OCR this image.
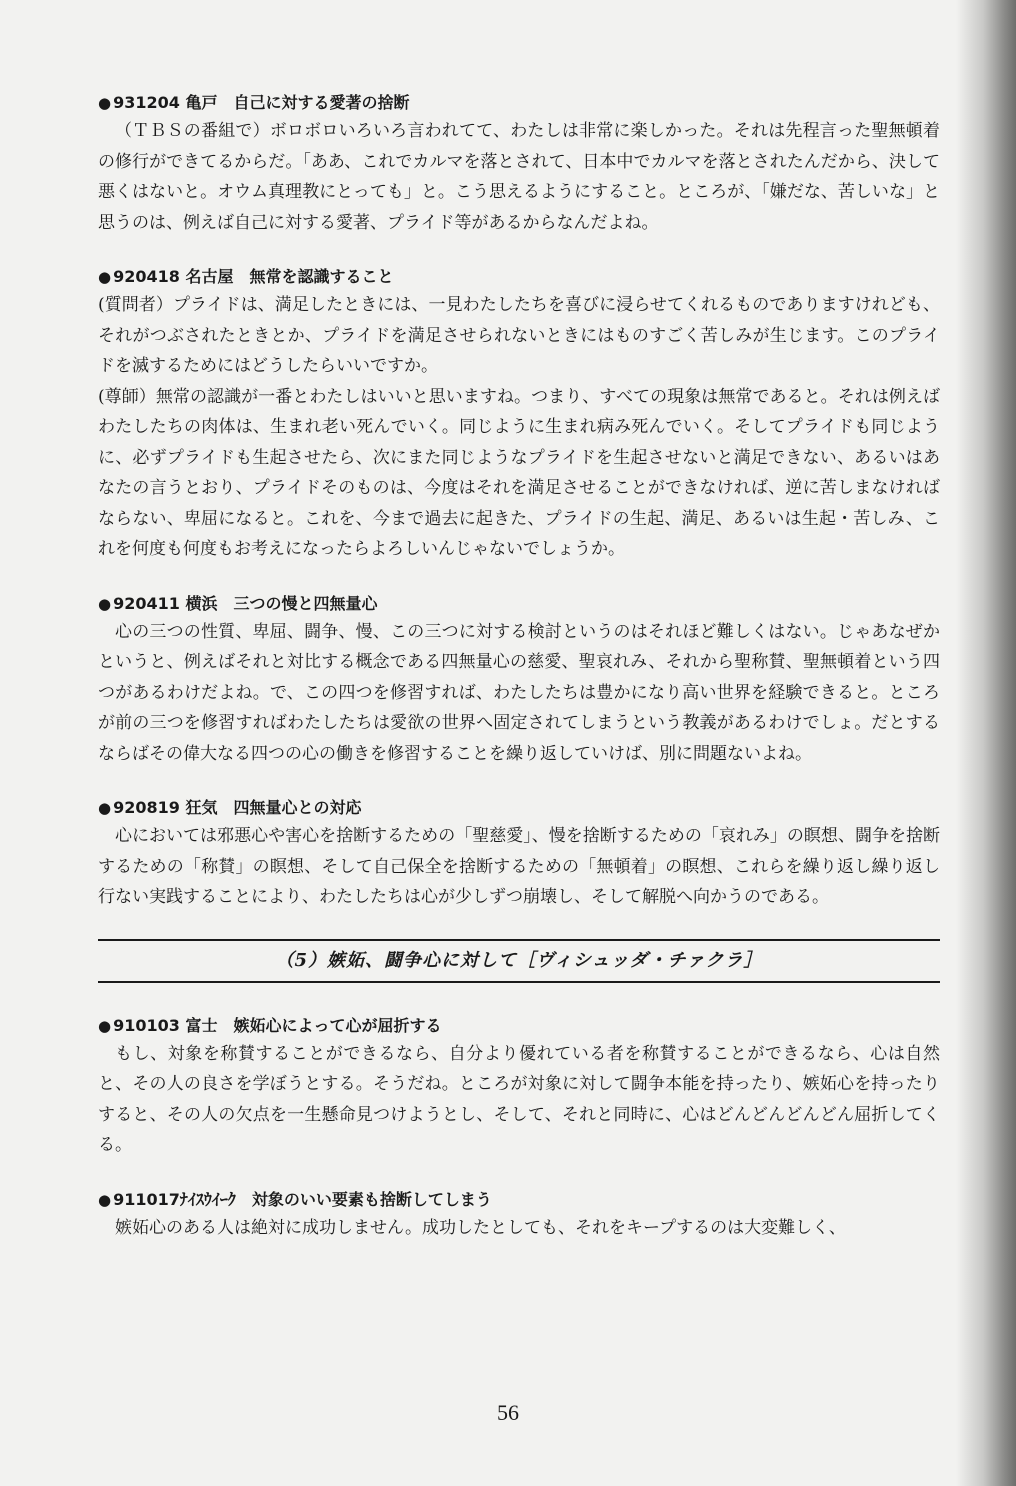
● 931204 亀戸 自己に対する愛著の捨断

（ＴＢＳの番組で）ボロボロいろいろ言われてて、わたしは非常に楽しかった。それは先程言った聖無頓着の修行ができてるからだ。「ああ、これでカルマを落とされて、日本中でカルマを落とされたんだから、決して悪くはないと。オウム真理教にとっても」と。こう思えるようにすること。ところが、「嫌だな、苦しいな」と思うのは、例えば自己に対する愛著、プライド等があるからなんだよね。

● 920418 名古屋 無常を認識すること

(質問者）プライドは、満足したときには、一見わたしたちを喜びに浸らせてくれるものでありますけれども、それがつぶされたときとか、プライドを満足させられないときにはものすごく苦しみが生じます。このプライドを滅するためにはどうしたらいいですか。

(尊師）無常の認識が一番とわたしはいいと思いますね。つまり、すべての現象は無常であると。それは例えばわたしたちの肉体は、生まれ老い死んでいく。同じように生まれ病み死んでいく。そしてプライドも同じように、必ずプライドも生起させたら、次にまた同じようなプライドを生起させないと満足できない、あるいはあなたの言うとおり、プライドそのものは、今度はそれを満足させることができなければ、逆に苦しまなければならない、卑屈になると。これを、今まで過去に起きた、プライドの生起、満足、あるいは生起・苦しみ、これを何度も何度もお考えになったらよろしいんじゃないでしょうか。

● 920411 横浜 三つの慢と四無量心

心の三つの性質、卑屈、闘争、慢、この三つに対する検討というのはそれほど難しくはない。じゃあなぜかというと、例えばそれと対比する概念である四無量心の慈愛、聖哀れみ、それから聖称賛、聖無頓着という四つがあるわけだよね。で、この四つを修習すれば、わたしたちは豊かになり高い世界を経験できると。ところが前の三つを修習すればわたしたちは愛欲の世界へ固定されてしまうという教義があるわけでしょ。だとするならばその偉大なる四つの心の働きを修習することを繰り返していけば、別に問題ないよね。

● 920819 狂気 四無量心との対応

心においては邪悪心や害心を捨断するための「聖慈愛」、慢を捨断するための「哀れみ」の瞑想、闘争を捨断するための「称賛」の瞑想、そして自己保全を捨断するための「無頓着」の瞑想、これらを繰り返し繰り返し行ない実践することにより、わたしたちは心が少しずつ崩壊し、そして解脱へ向かうのである。

（5）嫉妬、闘争心に対して［ヴィシュッダ・チァクラ］
● 910103 富士 嫉妬心によって心が屈折する

もし、対象を称賛することができるなら、自分より優れている者を称賛することができるなら、心は自然と、その人の良さを学ぼうとする。そうだね。ところが対象に対して闘争本能を持ったり、嫉妬心を持ったりすると、その人の欠点を一生懸命見つけようとし、そして、それと同時に、心はどんどんどんどん屈折してくる。

● 911017ﾅｲｽｳｲｰｸ 対象のいい要素も捨断してしまう

嫉妬心のある人は絶対に成功しません。成功したとしても、それをキープするのは大変難しく、

56
